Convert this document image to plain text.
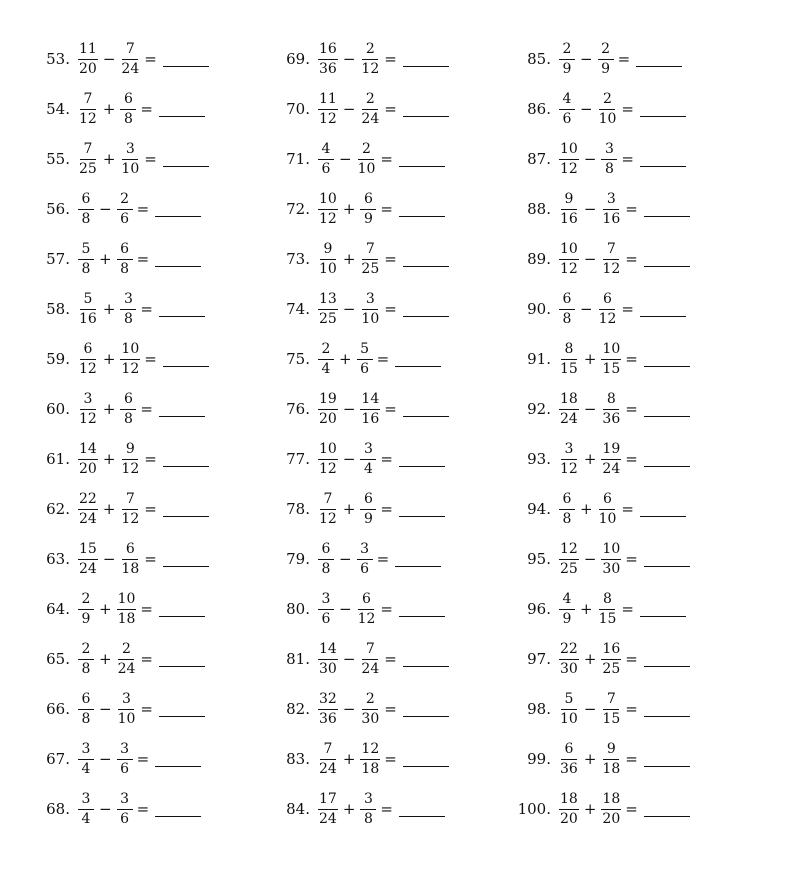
53. $\frac{11}{20} - \frac{7}{24}$ =
54. $\frac{7}{12} + \frac{6}{8}$ =
55. $\frac{7}{25} + \frac{3}{10}$ =
56. $\frac{6}{8} - \frac{2}{6}$ =
57. $\frac{5}{8} + \frac{6}{8}$ =
58. $\frac{5}{16} + \frac{3}{8}$ =
59. $\frac{6}{12} + \frac{10}{12}$ =
60. $\frac{3}{12} + \frac{6}{8}$ =
61. $\frac{14}{20} + \frac{9}{12}$ =
62. $\frac{22}{24} + \frac{7}{12}$ =
63. $\frac{15}{24} - \frac{6}{18}$ =
64. $\frac{2}{9} + \frac{10}{18}$ =
65. $\frac{2}{8} + \frac{2}{24}$ =
66. $\frac{6}{8} - \frac{3}{10}$ =
67. $\frac{3}{4} - \frac{3}{6}$ =
68. $\frac{3}{4} - \frac{3}{6}$ =
69. $\frac{16}{36} - \frac{2}{12}$ =
70. $\frac{11}{12} - \frac{2}{24}$ =
71. $\frac{4}{6} - \frac{2}{10}$ =
72. $\frac{10}{12} + \frac{6}{9}$ =
73. $\frac{9}{10} + \frac{7}{25}$ =
74. $\frac{13}{25} - \frac{3}{10}$ =
75. $\frac{2}{4} + \frac{5}{6}$ =
76. $\frac{19}{20} - \frac{14}{16}$ =
77. $\frac{10}{12} - \frac{3}{4}$ =
78. $\frac{7}{12} + \frac{6}{9}$ =
79. $\frac{6}{8} - \frac{3}{6}$ =
80. $\frac{3}{6} - \frac{6}{12}$ =
81. $\frac{14}{30} - \frac{7}{24}$ =
82. $\frac{32}{36} - \frac{2}{30}$ =
83. $\frac{7}{24} + \frac{12}{18}$ =
84. $\frac{17}{24} + \frac{3}{8}$ =
85. $\frac{2}{9} - \frac{2}{9}$ =
86. $\frac{4}{6} - \frac{2}{10}$ =
87. $\frac{10}{12} - \frac{3}{8}$ =
88. $\frac{9}{16} - \frac{3}{16}$ =
89. $\frac{10}{12} - \frac{7}{12}$ =
90. $\frac{6}{8} - \frac{6}{12}$ =
91. $\frac{8}{15} + \frac{10}{15}$ =
92. $\frac{18}{24} - \frac{8}{36}$ =
93. $\frac{3}{12} + \frac{19}{24}$ =
94. $\frac{6}{8} + \frac{6}{10}$ =
95. $\frac{12}{25} - \frac{10}{30}$ =
96. $\frac{4}{9} + \frac{8}{15}$ =
97. $\frac{22}{30} + \frac{16}{25}$ =
98. $\frac{5}{10} - \frac{7}{15}$ =
99. $\frac{6}{36} + \frac{9}{18}$ =
100. $\frac{18}{20} + \frac{18}{20}$ =
